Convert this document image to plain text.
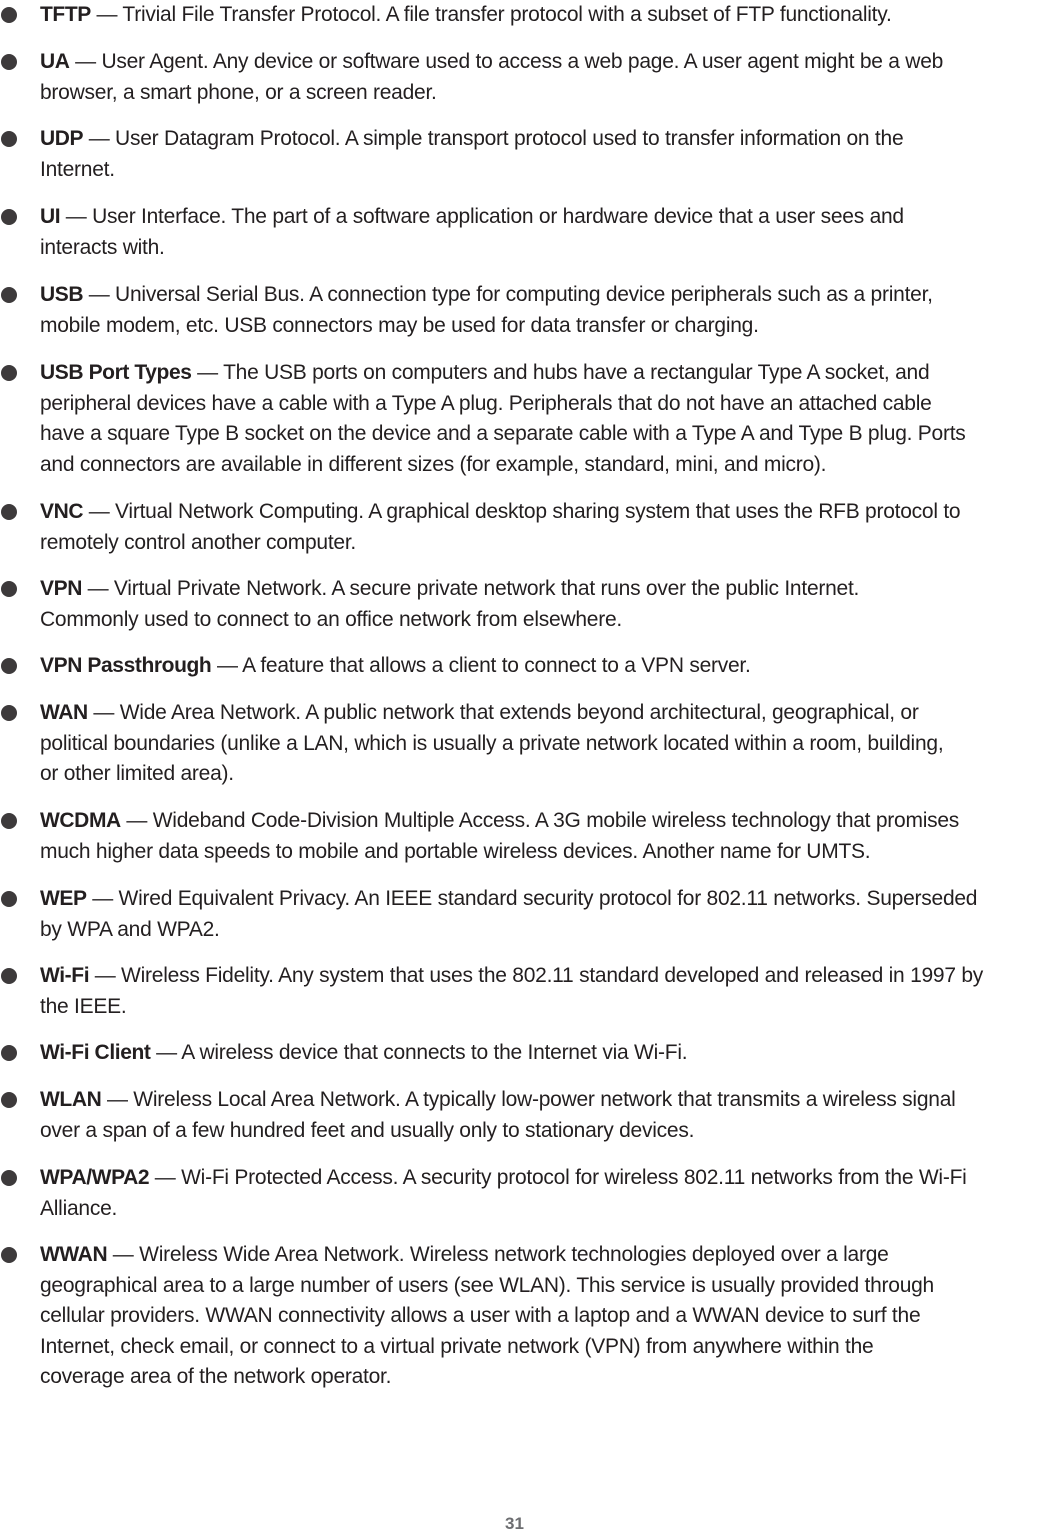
TFTP — Trivial File Transfer Protocol. A file transfer protocol with a subset of FTP functionality.
UA — User Agent. Any device or software used to access a web page. A user agent might be a web
browser, a smart phone, or a screen reader.
UDP — User Datagram Protocol. A simple transport protocol used to transfer information on the
Internet.
UI — User Interface. The part of a software application or hardware device that a user sees and
interacts with.
USB — Universal Serial Bus. A connection type for computing device peripherals such as a printer,
mobile modem, etc. USB connectors may be used for data transfer or charging.
USB Port Types — The USB ports on computers and hubs have a rectangular Type A socket, and
peripheral devices have a cable with a Type A plug. Peripherals that do not have an attached cable
have a square Type B socket on the device and a separate cable with a Type A and Type B plug. Ports
and connectors are available in different sizes (for example, standard, mini, and micro).
VNC — Virtual Network Computing. A graphical desktop sharing system that uses the RFB protocol to
remotely control another computer.
VPN — Virtual Private Network. A secure private network that runs over the public Internet.
Commonly used to connect to an office network from elsewhere.
VPN Passthrough — A feature that allows a client to connect to a VPN server.
WAN — Wide Area Network. A public network that extends beyond architectural, geographical, or
political boundaries (unlike a LAN, which is usually a private network located within a room, building,
or other limited area).
WCDMA — Wideband Code-Division Multiple Access. A 3G mobile wireless technology that promises
much higher data speeds to mobile and portable wireless devices. Another name for UMTS.
WEP — Wired Equivalent Privacy. An IEEE standard security protocol for 802.11 networks. Superseded
by WPA and WPA2.
Wi-Fi — Wireless Fidelity. Any system that uses the 802.11 standard developed and released in 1997 by
the IEEE.
Wi-Fi Client — A wireless device that connects to the Internet via Wi-Fi.
WLAN — Wireless Local Area Network. A typically low-power network that transmits a wireless signal
over a span of a few hundred feet and usually only to stationary devices.
WPA/WPA2 — Wi-Fi Protected Access. A security protocol for wireless 802.11 networks from the Wi-Fi
Alliance.
WWAN — Wireless Wide Area Network. Wireless network technologies deployed over a large
geographical area to a large number of users (see WLAN). This service is usually provided through
cellular providers. WWAN connectivity allows a user with a laptop and a WWAN device to surf the
Internet, check email, or connect to a virtual private network (VPN) from anywhere within the
coverage area of the network operator.
31
